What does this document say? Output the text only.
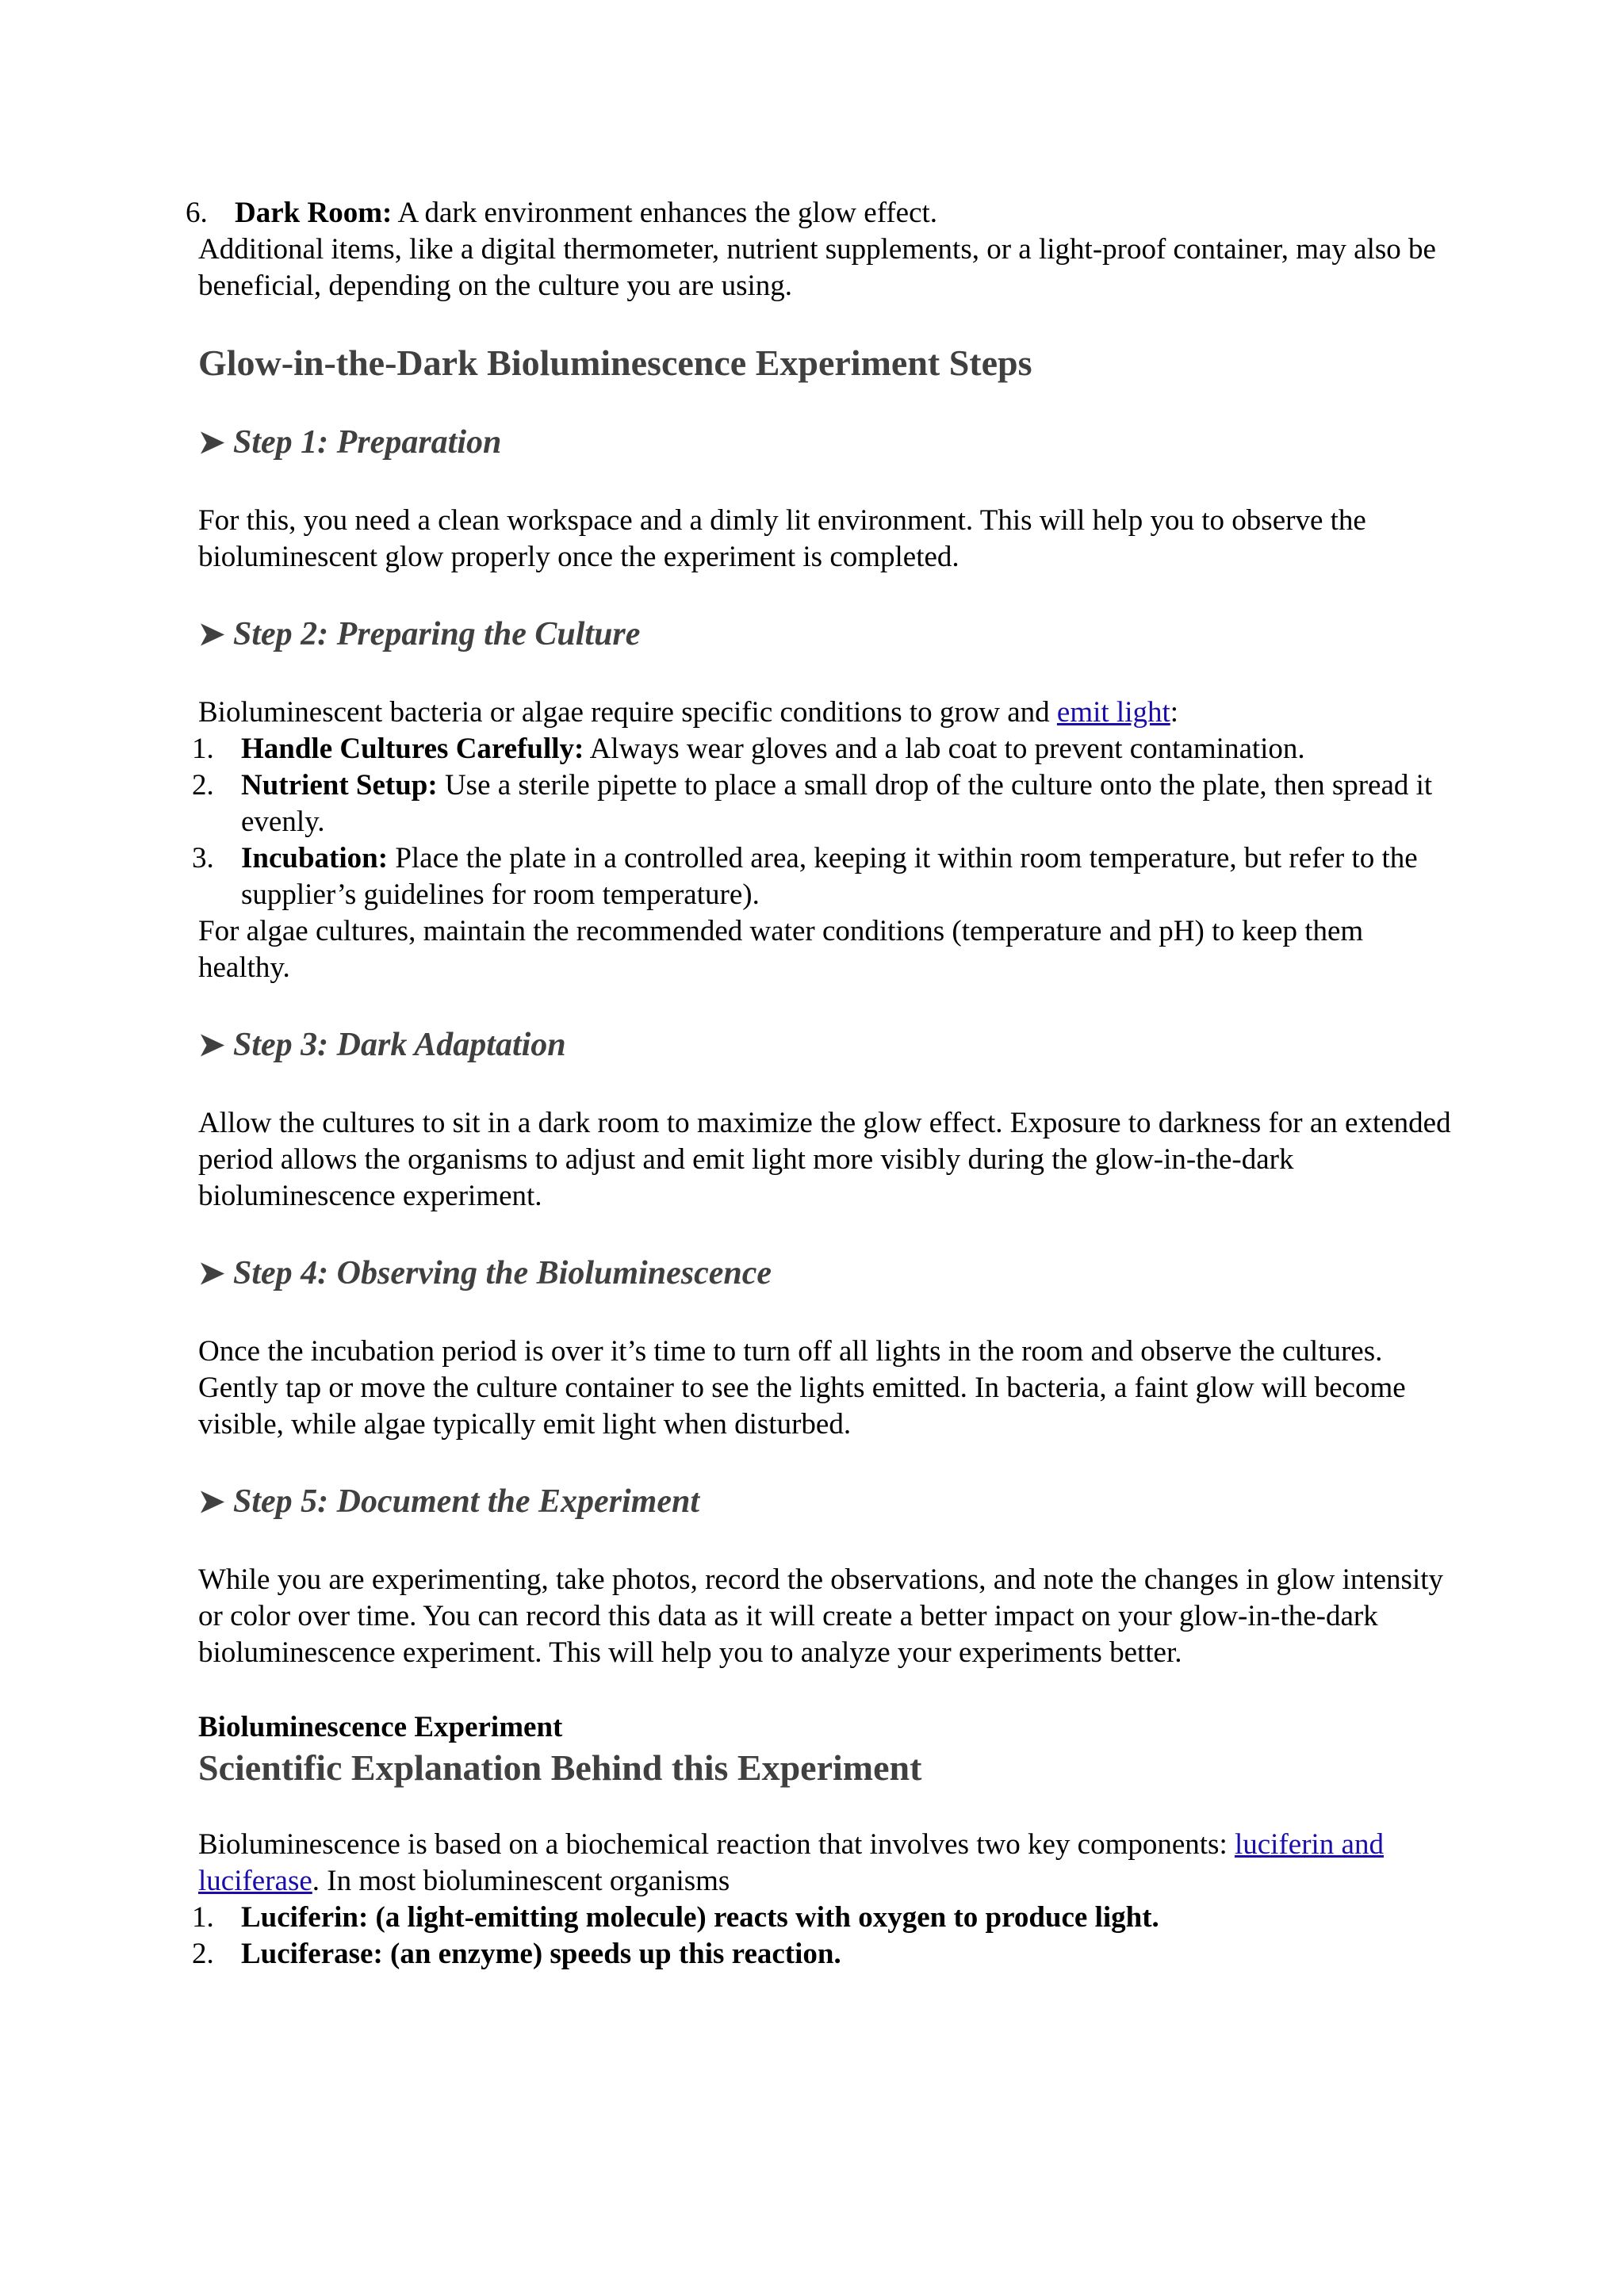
6. Dark Room: A dark environment enhances the glow effect.

Additional items, like a digital thermometer, nutrient supplements, or a light-proof container, may also be beneficial, depending on the culture you are using.

Glow-in-the-Dark Bioluminescence Experiment Steps
➤ Step 1: Preparation

For this, you need a clean workspace and a dimly lit environment. This will help you to observe the bioluminescent glow properly once the experiment is completed.

➤ Step 2: Preparing the Culture

Bioluminescent bacteria or algae require specific conditions to grow and emit light:

1. Handle Cultures Carefully: Always wear gloves and a lab coat to prevent contamination.
2. Nutrient Setup: Use a sterile pipette to place a small drop of the culture onto the plate, then spread it evenly.
3. Incubation: Place the plate in a controlled area, keeping it within room temperature, but refer to the supplier’s guidelines for room temperature).

For algae cultures, maintain the recommended water conditions (temperature and pH) to keep them healthy.

➤ Step 3: Dark Adaptation

Allow the cultures to sit in a dark room to maximize the glow effect. Exposure to darkness for an extended period allows the organisms to adjust and emit light more visibly during the glow-in-the-dark bioluminescence experiment.

➤ Step 4: Observing the Bioluminescence

Once the incubation period is over it’s time to turn off all lights in the room and observe the cultures. Gently tap or move the culture container to see the lights emitted. In bacteria, a faint glow will become visible, while algae typically emit light when disturbed.

➤ Step 5: Document the Experiment

While you are experimenting, take photos, record the observations, and note the changes in glow intensity or color over time. You can record this data as it will create a better impact on your glow-in-the-dark bioluminescence experiment. This will help you to analyze your experiments better.

Bioluminescence Experiment

Scientific Explanation Behind this Experiment

Bioluminescence is based on a biochemical reaction that involves two key components: luciferin and luciferase. In most bioluminescent organisms

1. Luciferin: (a light-emitting molecule) reacts with oxygen to produce light.
2. Luciferase: (an enzyme) speeds up this reaction.
